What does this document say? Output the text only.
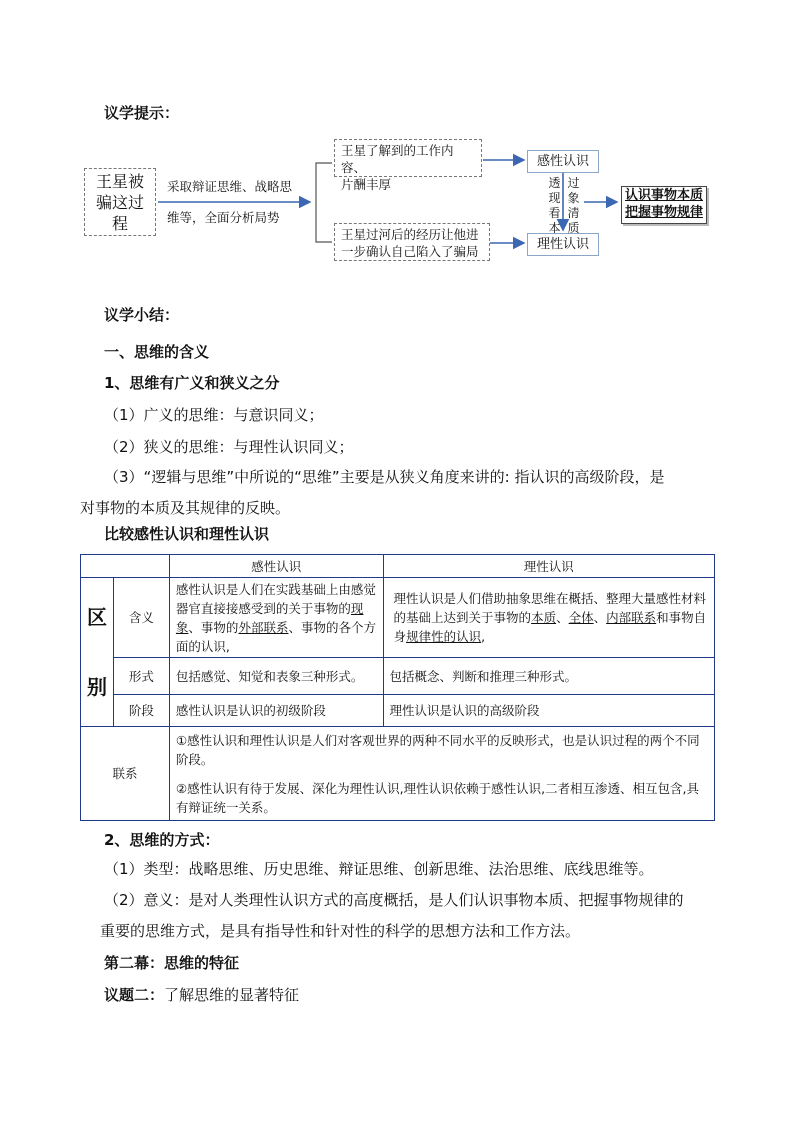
议学提示：
王星被骗这过程
采取辩证思维、战略思
维等，全面分析局势
王星了解到的工作内容、
片酬丰厚
王星过河后的经历让他进
一步确认自己陷入了骗局
感性认识
理性认识
透
现
看
本
过
象
清
质
认识事物本质
把握事物规律
议学小结：
一、思维的含义
1、思维有广义和狭义之分
（1）广义的思维：与意识同义；
（2）狭义的思维：与理性认识同义；
（3）“逻辑与思维”中所说的“思维”主要是从狭义角度来讲的: 指认识的高级阶段，是
对事物的本质及其规律的反映。
比较感性认识和理性认识
		感性认识	理性认识

区
别	含义	感性认识是人们在实践基础上由感觉器官直接接感受到的关于事物的现象、事物的外部联系、事物的各个方面的认识,	理性认识是人们借助抽象思维在概括、整理大量感性材料的基础上达到关于事物的本质、全体、内部联系和事物自身规律性的认识,
	形式	包括感觉、知觉和表象三种形式。	包括概念、判断和推理三种形式。
	阶段	感性认识是认识的初级阶段	理性认识是认识的高级阶段
联系		①感性认识和理性认识是人们对客观世界的两种不同水平的反映形式，也是认识过程的两个不同阶段。
②感性认识有待于发展、深化为理性认识,理性认识依赖于感性认识,二者相互渗透、相互包含,具有辩证统一关系。	
2、思维的方式：
（1）类型：战略思维、历史思维、辩证思维、创新思维、法治思维、底线思维等。
（2）意义：是对人类理性认识方式的高度概括，是人们认识事物本质、把握事物规律的
重要的思维方式，是具有指导性和针对性的科学的思想方法和工作方法。
第二幕：思维的特征
议题二：了解思维的显著特征
